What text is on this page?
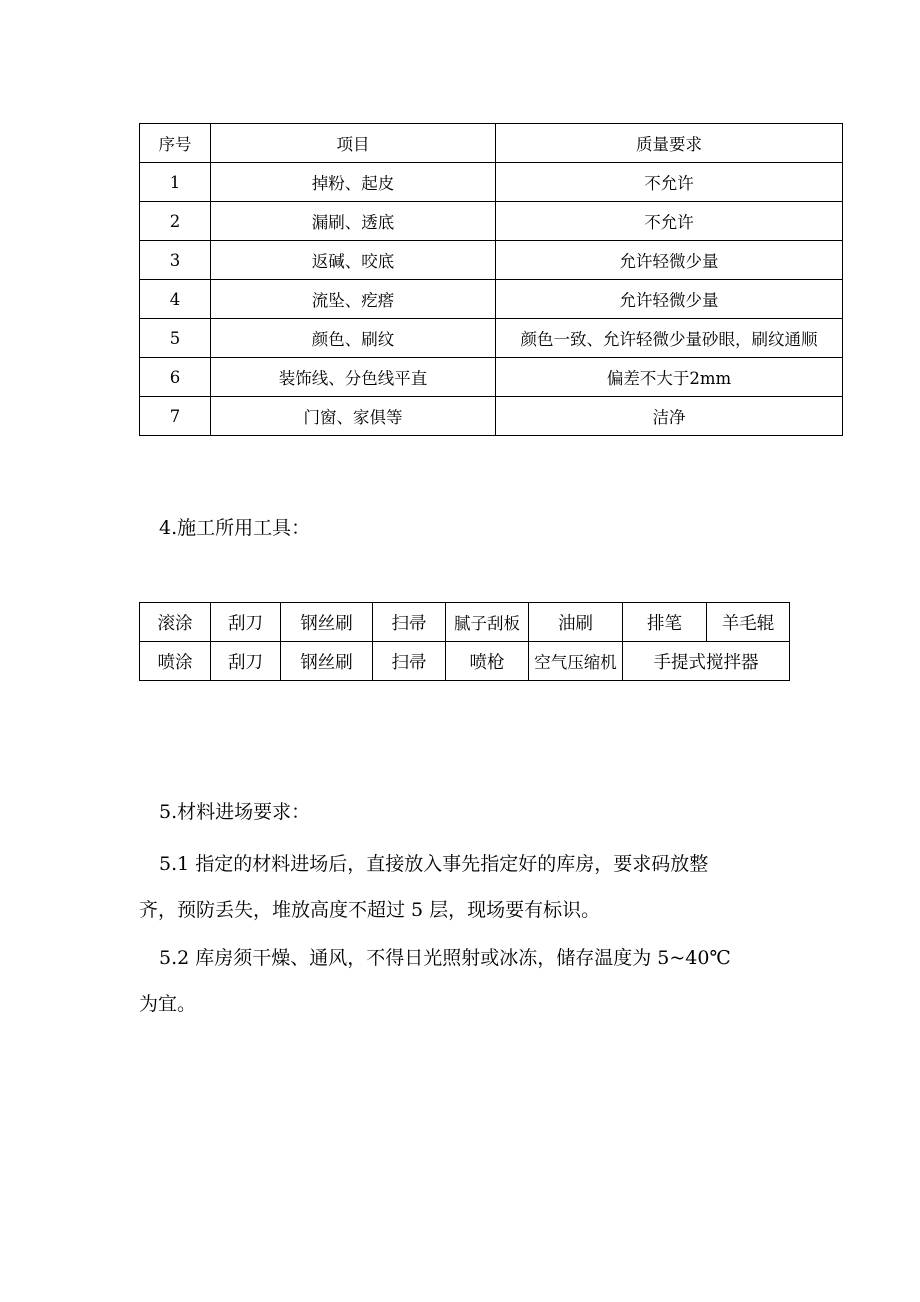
序号	项目	质量要求
1	掉粉、起皮	不允许
2	漏刷、透底	不允许
3	返碱、咬底	允许轻微少量
4	流坠、疙瘩	允许轻微少量
5	颜色、刷纹	颜色一致、允许轻微少量砂眼，刷纹通顺
6	装饰线、分色线平直	偏差不大于2mm
7	门窗、家俱等	洁净

4.施工所用工具：

滚涂	刮刀	钢丝刷	扫帚	腻子刮板	油刷	排笔	羊毛辊
喷涂	刮刀	钢丝刷	扫帚	喷枪	空气压缩机	手提式搅拌器	

5.材料进场要求：

5.1 指定的材料进场后，直接放入事先指定好的库房，要求码放整

齐，预防丢失，堆放高度不超过 5 层，现场要有标识。

5.2 库房须干燥、通风，不得日光照射或冰冻，储存温度为 5~40℃

为宜。
